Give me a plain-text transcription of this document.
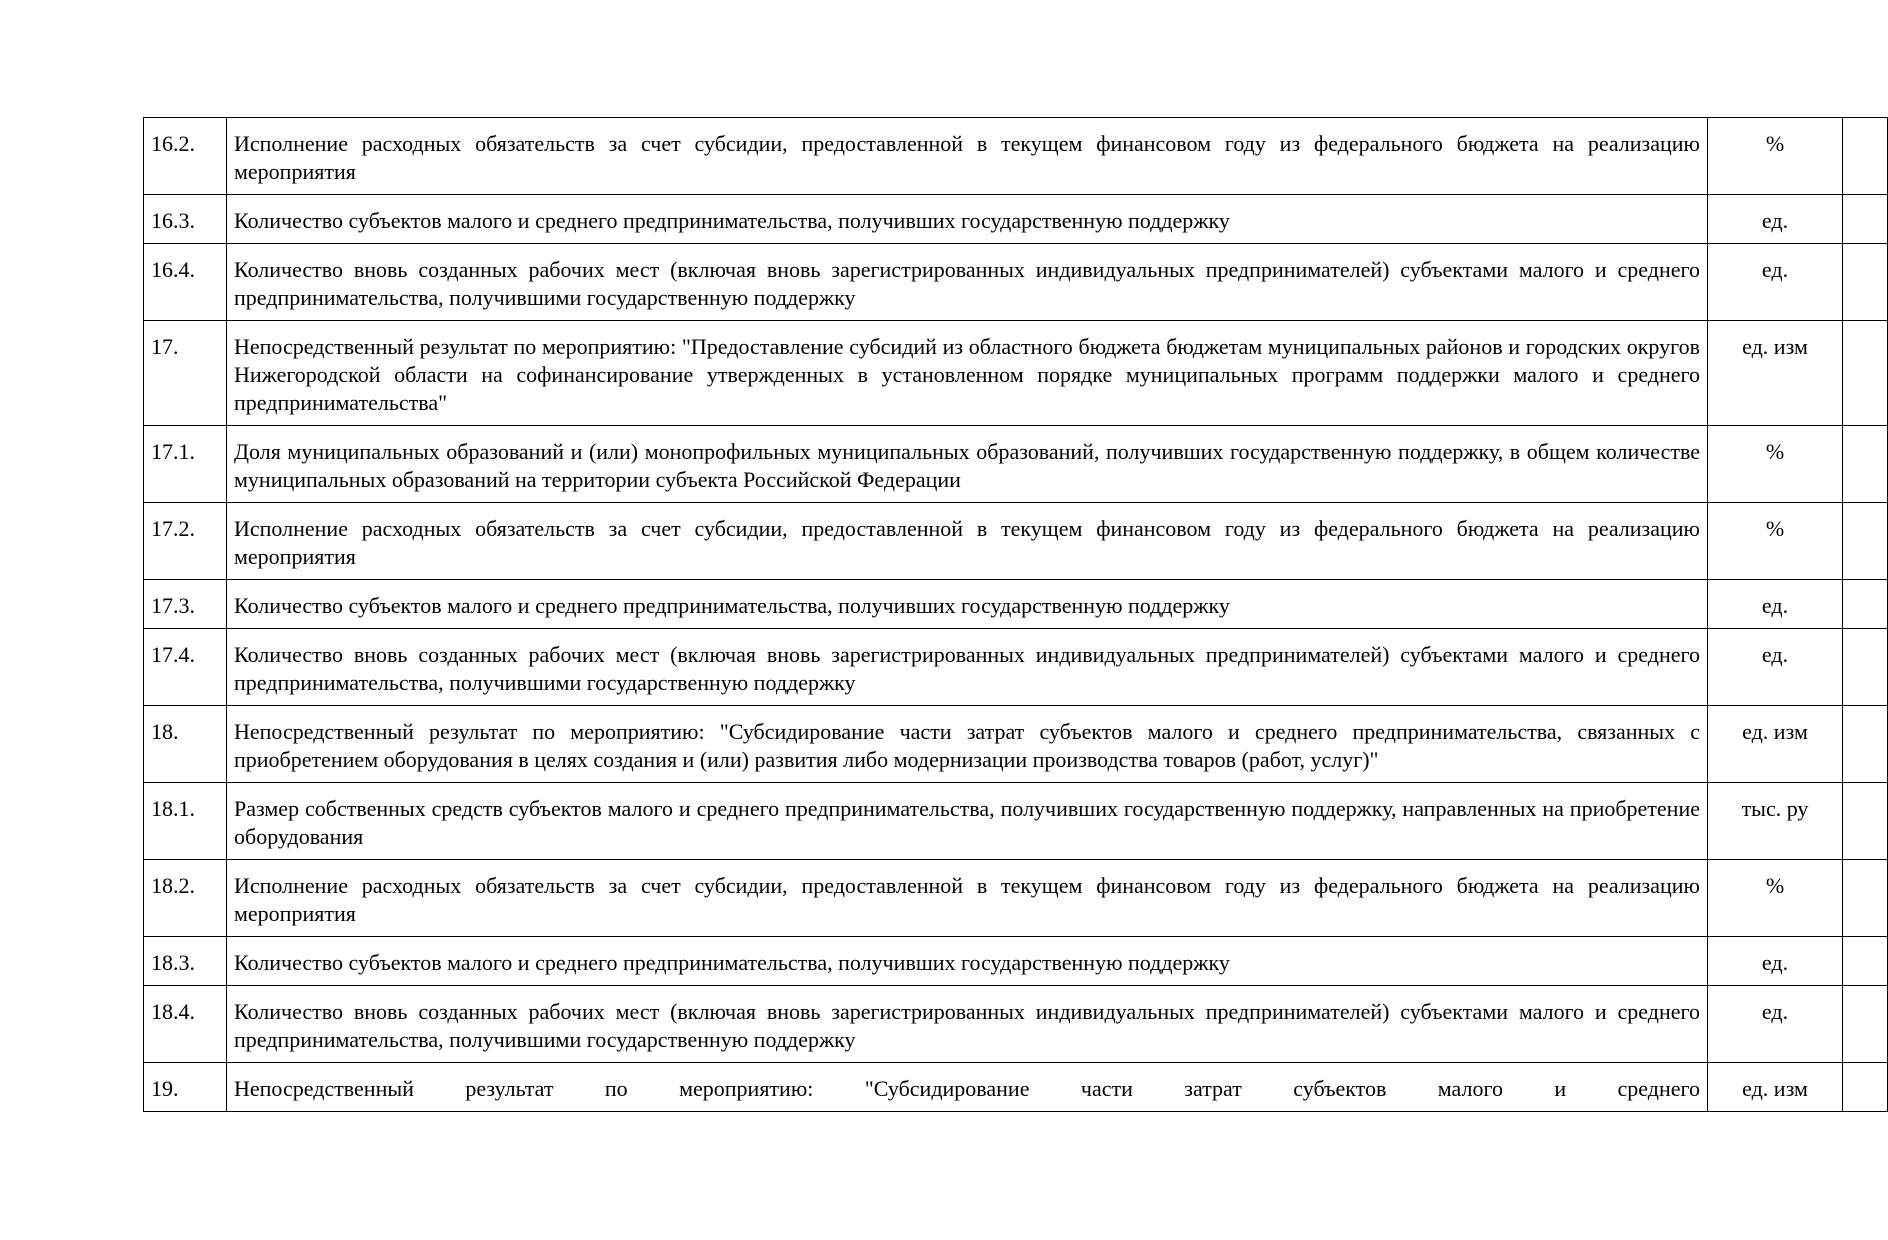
16.2.	Исполнение расходных обязательств за счет субсидии, предоставленной в текущем финансовом году из федерального бюджета на реализацию мероприятия	%	
16.3.	Количество субъектов малого и среднего предпринимательства, получивших государственную поддержку	ед.	
16.4.	Количество вновь созданных рабочих мест (включая вновь зарегистрированных индивидуальных предпринимателей) субъектами малого и среднего предпринимательства, получившими государственную поддержку	ед.	
17.	Непосредственный результат по мероприятию: "Предоставление субсидий из областного бюджета бюджетам муниципальных районов и городских округов Нижегородской области на софинансирование утвержденных в установленном порядке муниципальных программ поддержки малого и среднего предпринимательства"	ед. изм	
17.1.	Доля муниципальных образований и (или) монопрофильных муниципальных образований, получивших государственную поддержку, в общем количестве муниципальных образований на территории субъекта Российской Федерации	%	
17.2.	Исполнение расходных обязательств за счет субсидии, предоставленной в текущем финансовом году из федерального бюджета на реализацию мероприятия	%	
17.3.	Количество субъектов малого и среднего предпринимательства, получивших государственную поддержку	ед.	
17.4.	Количество вновь созданных рабочих мест (включая вновь зарегистрированных индивидуальных предпринимателей) субъектами малого и среднего предпринимательства, получившими государственную поддержку	ед.	
18.	Непосредственный результат по мероприятию: "Субсидирование части затрат субъектов малого и среднего предпринимательства, связанных с приобретением оборудования в целях создания и (или) развития либо модернизации производства товаров (работ, услуг)"	ед. изм	
18.1.	Размер собственных средств субъектов малого и среднего предпринимательства, получивших государственную поддержку, направленных на приобретение оборудования	тыс. ру	
18.2.	Исполнение расходных обязательств за счет субсидии, предоставленной в текущем финансовом году из федерального бюджета на реализацию мероприятия	%	
18.3.	Количество субъектов малого и среднего предпринимательства, получивших государственную поддержку	ед.	
18.4.	Количество вновь созданных рабочих мест (включая вновь зарегистрированных индивидуальных предпринимателей) субъектами малого и среднего предпринимательства, получившими государственную поддержку	ед.	
19.	Непосредственный результат по мероприятию: "Субсидирование части затрат субъектов малого и среднего	ед. изм	
